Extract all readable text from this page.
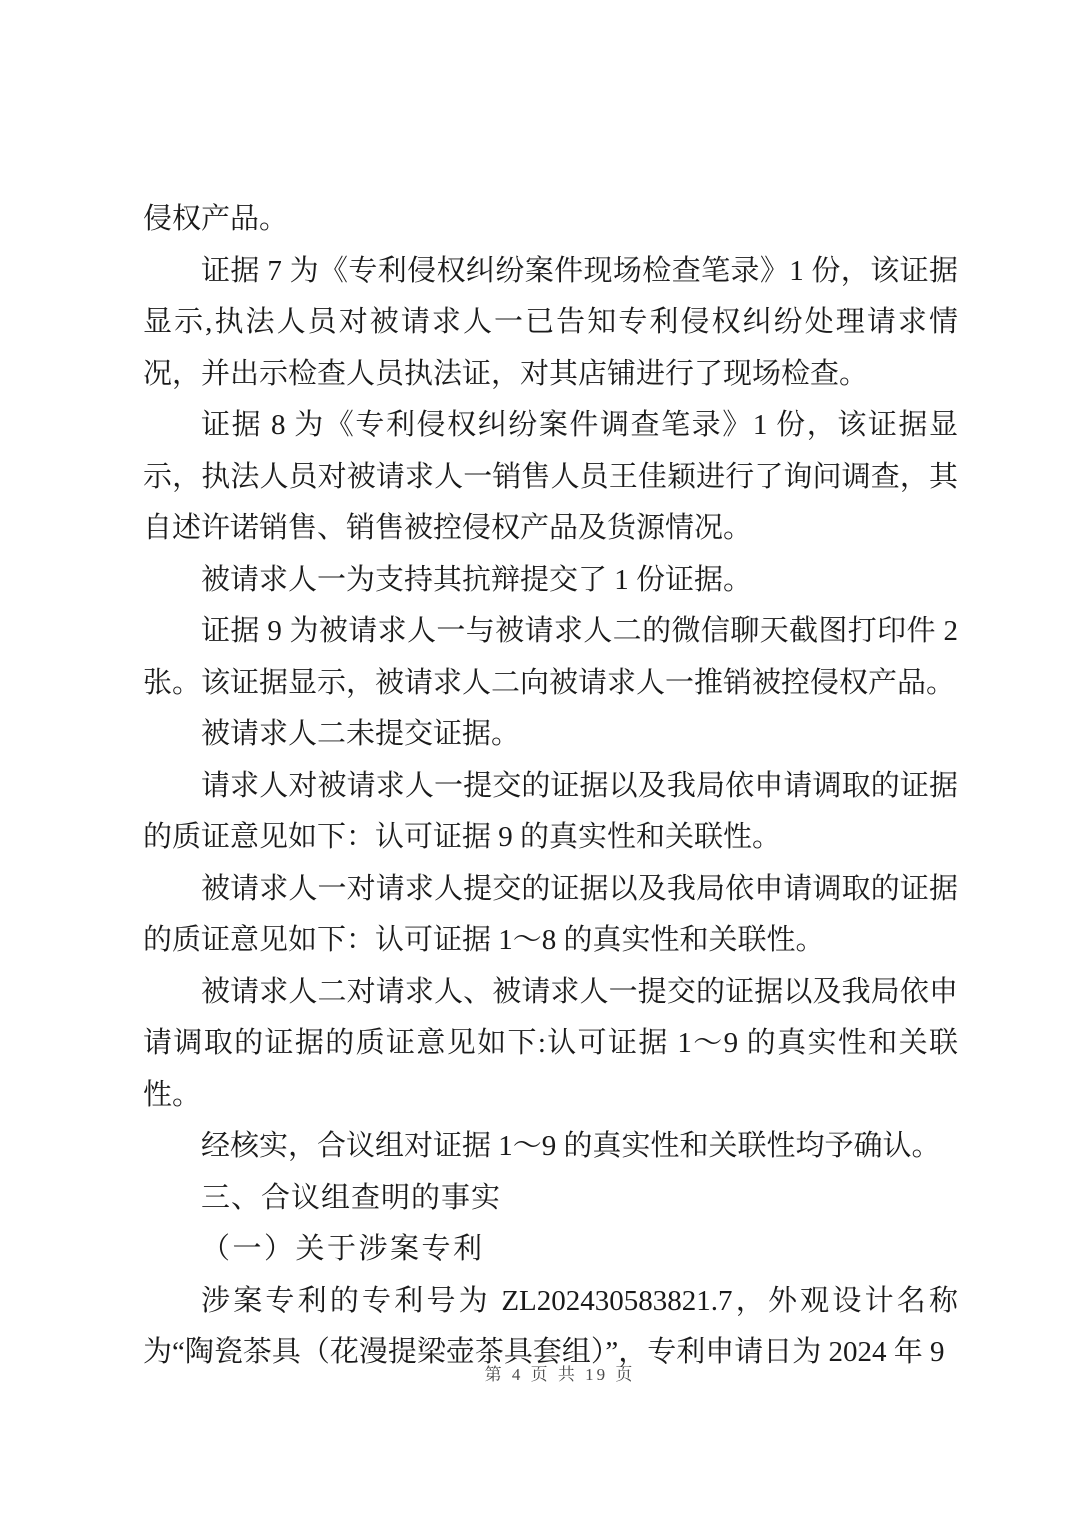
侵权产品。

证据 7 为《专利侵权纠纷案件现场检查笔录》1 份，该证据显示,执法人员对被请求人一已告知专利侵权纠纷处理请求情况，并出示检查人员执法证，对其店铺进行了现场检查。

证据 8 为《专利侵权纠纷案件调查笔录》1 份，该证据显示，执法人员对被请求人一销售人员王佳颖进行了询问调查，其自述许诺销售、销售被控侵权产品及货源情况。

被请求人一为支持其抗辩提交了 1 份证据。

证据 9 为被请求人一与被请求人二的微信聊天截图打印件 2 张。该证据显示，被请求人二向被请求人一推销被控侵权产品。

被请求人二未提交证据。

请求人对被请求人一提交的证据以及我局依申请调取的证据的质证意见如下：认可证据 9 的真实性和关联性。

被请求人一对请求人提交的证据以及我局依申请调取的证据的质证意见如下：认可证据 1～8 的真实性和关联性。

被请求人二对请求人、被请求人一提交的证据以及我局依申请调取的证据的质证意见如下:认可证据 1～9 的真实性和关联性。

经核实，合议组对证据 1～9 的真实性和关联性均予确认。

三、合议组查明的事实
（一）关于涉案专利

涉案专利的专利号为 ZL202430583821.7，外观设计名称为“陶瓷茶具（花漫提梁壶茶具套组）”，专利申请日为 2024 年 9

第 4 页 共 19 页
